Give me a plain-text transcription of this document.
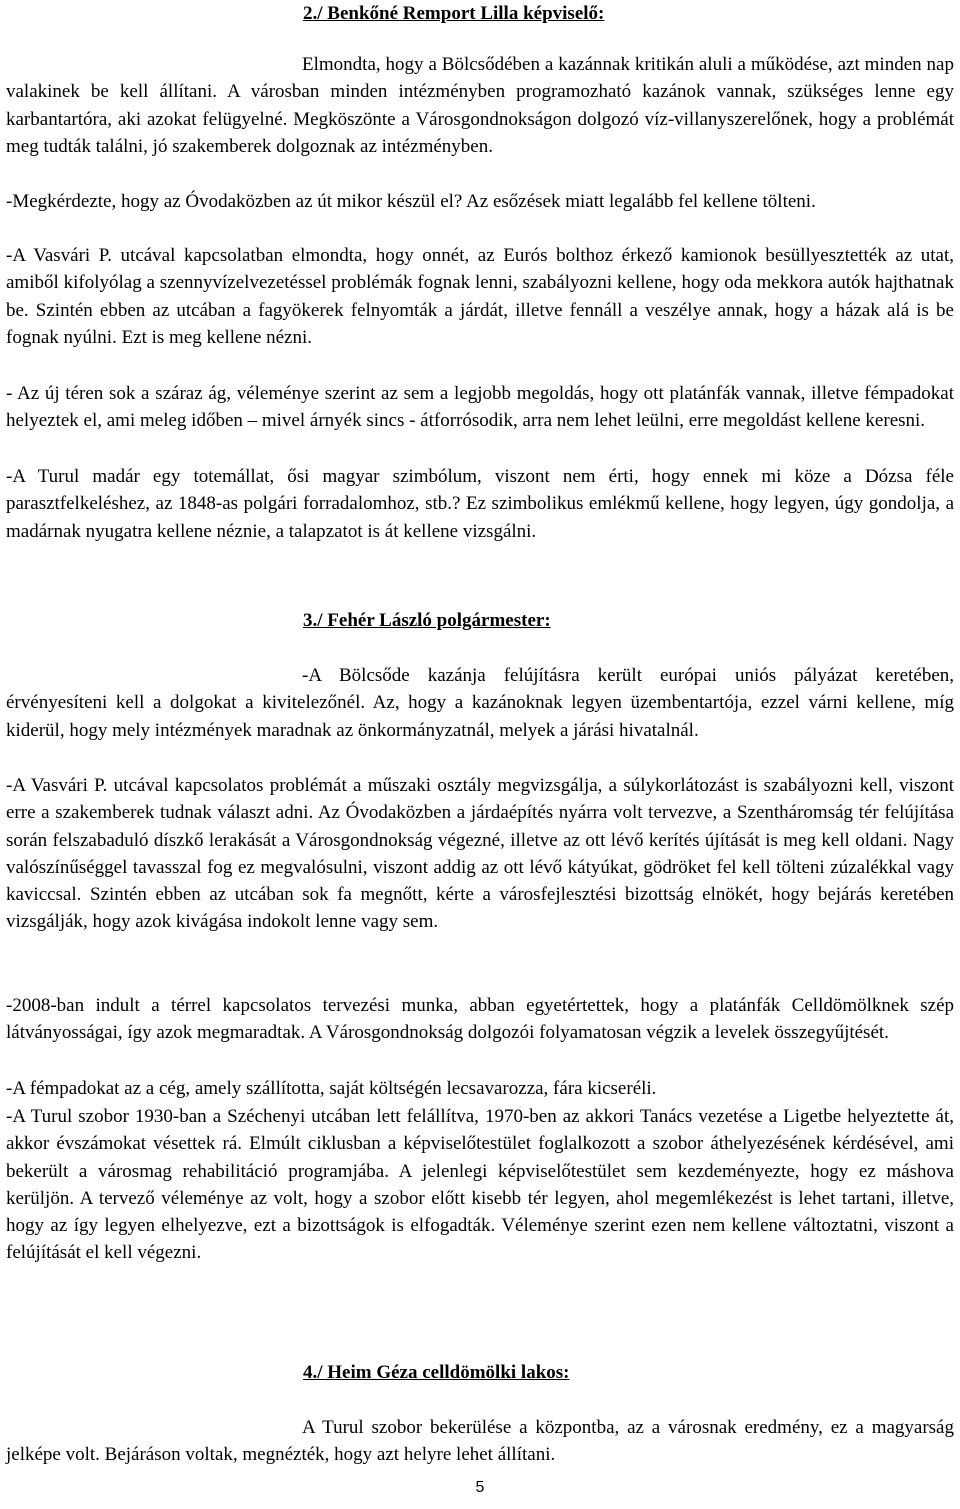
2./ Benkőné Remport Lilla képviselő:

Elmondta, hogy a Bölcsődében a kazánnak kritikán aluli a működése, azt minden nap valakinek be kell állítani. A városban minden intézményben programozható kazánok vannak, szükséges lenne egy karbantartóra, aki azokat felügyelné. Megköszönte a Városgondnokságon dolgozó víz-villanyszerelőnek, hogy a problémát meg tudták találni, jó szakemberek dolgoznak az intézményben.

-Megkérdezte, hogy az Óvodaközben az út mikor készül el? Az esőzések miatt legalább fel kellene tölteni.

-A Vasvári P. utcával kapcsolatban elmondta, hogy onnét, az Eurós bolthoz érkező kamionok besüllyesztették az utat, amiből kifolyólag a szennyvízelvezetéssel problémák fognak lenni, szabályozni kellene, hogy oda mekkora autók hajthatnak be. Szintén ebben az utcában a fagyökerek felnyomták a járdát, illetve fennáll a veszélye annak, hogy a házak alá is be fognak nyúlni. Ezt is meg kellene nézni.

- Az új téren sok a száraz ág, véleménye szerint az sem a legjobb megoldás, hogy ott platánfák vannak, illetve fémpadokat helyeztek el, ami meleg időben – mivel árnyék sincs - átforrósodik, arra nem lehet leülni, erre megoldást kellene keresni.

-A Turul madár egy totemállat, ősi magyar szimbólum, viszont nem érti, hogy ennek mi köze a Dózsa féle parasztfelkeléshez, az 1848-as polgári forradalomhoz, stb.? Ez szimbolikus emlékmű kellene, hogy legyen, úgy gondolja, a madárnak nyugatra kellene néznie, a talapzatot is át kellene vizsgálni.

3./ Fehér László polgármester:

-A Bölcsőde kazánja felújításra került európai uniós pályázat keretében, érvényesíteni kell a dolgokat a kivitelezőnél. Az, hogy a kazánoknak legyen üzembentartója, ezzel várni kellene, míg kiderül, hogy mely intézmények maradnak az önkormányzatnál, melyek a járási hivatalnál.

-A Vasvári P. utcával kapcsolatos problémát a műszaki osztály megvizsgálja, a súlykorlátozást is szabályozni kell, viszont erre a szakemberek tudnak választ adni. Az Óvodaközben a járdaépítés nyárra volt tervezve, a Szentháromság tér felújítása során felszabaduló díszkő lerakását a Városgondnokság végezné, illetve az ott lévő kerítés újítását is meg kell oldani. Nagy valószínűséggel tavasszal fog ez megvalósulni, viszont addig az ott lévő kátyúkat, gödröket fel kell tölteni zúzalékkal vagy kaviccsal. Szintén ebben az utcában sok fa megnőtt, kérte a városfejlesztési bizottság elnökét, hogy bejárás keretében vizsgálják, hogy azok kivágása indokolt lenne vagy sem.

-2008-ban indult a térrel kapcsolatos tervezési munka, abban egyetértettek, hogy a platánfák Celldömölknek szép látványosságai, így azok megmaradtak. A Városgondnokság dolgozói folyamatosan végzik a levelek összegyűjtését.

-A fémpadokat az a cég, amely szállította, saját költségén lecsavarozza, fára kicseréli.

-A Turul szobor 1930-ban a Széchenyi utcában lett felállítva, 1970-ben az akkori Tanács vezetése a Ligetbe helyeztette át, akkor évszámokat vésettek rá. Elmúlt ciklusban a képviselőtestület foglalkozott a szobor áthelyezésének kérdésével, ami bekerült a városmag rehabilitáció programjába. A jelenlegi képviselőtestület sem kezdeményezte, hogy ez máshova kerüljön. A tervező véleménye az volt, hogy a szobor előtt kisebb tér legyen, ahol megemlékezést is lehet tartani, illetve, hogy az így legyen elhelyezve, ezt a bizottságok is elfogadták. Véleménye szerint ezen nem kellene változtatni, viszont a felújítását el kell végezni.

4./ Heim Géza celldömölki lakos:

A Turul szobor bekerülése a központba, az a városnak eredmény, ez a magyarság jelképe volt. Bejáráson voltak, megnézték, hogy azt helyre lehet állítani.

5
